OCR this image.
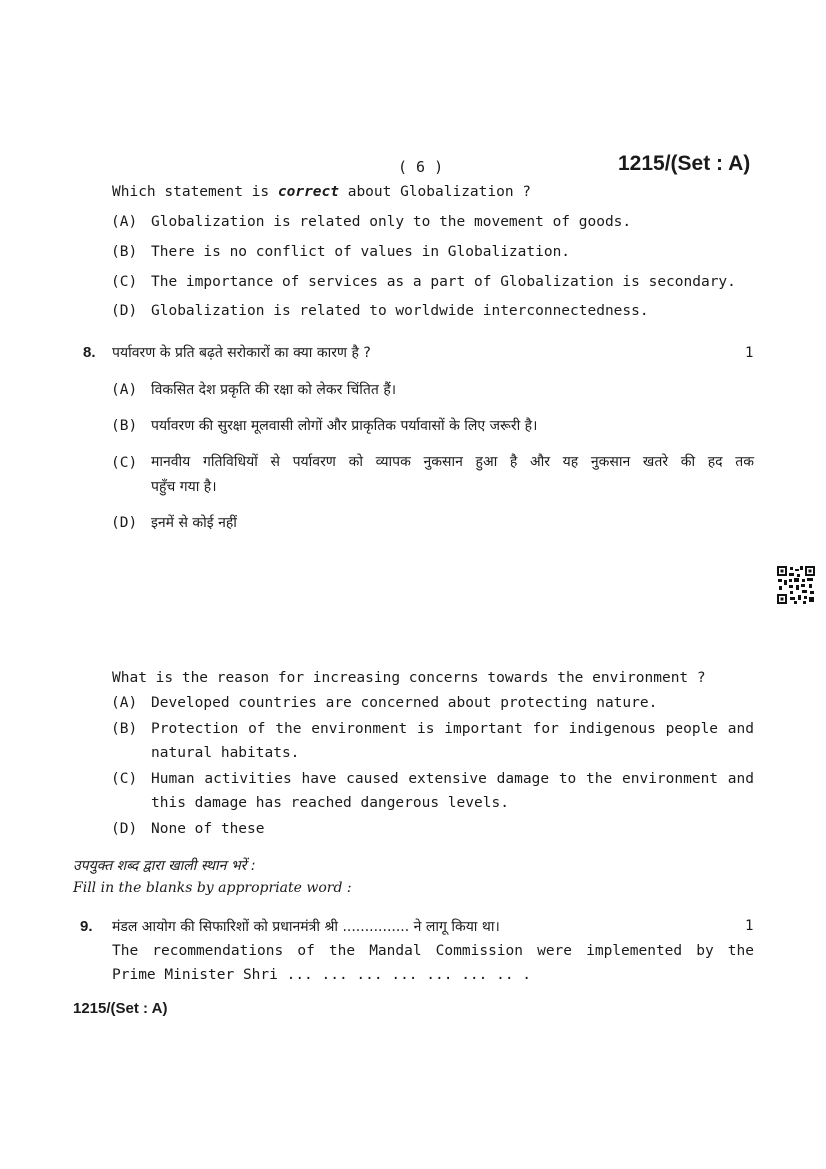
( 6 )	1215/(Set : A)
Which statement is correct about Globalization ?
(A) Globalization is related only to the movement of goods.
(B) There is no conflict of values in Globalization.
(C) The importance of services as a part of Globalization is secondary.
(D) Globalization is related to worldwide interconnectedness.
8. पर्यावरण के प्रति बढ़ते सरोकारों का क्या कारण है ?	1
(A) विकसित देश प्रकृति की रक्षा को लेकर चिंतित हैं।
(B) पर्यावरण की सुरक्षा मूलवासी लोगों और प्राकृतिक पर्यावासों के लिए जरूरी है।
(C) मानवीय गतिविधियों से पर्यावरण को व्यापक नुकसान हुआ है और यह नुकसान खतरे की हद तक
पहुँच गया है।
(D) इनमें से कोई नहीं
What is the reason for increasing concerns towards the environment ?
(A) Developed countries are concerned about protecting nature.
(B) Protection of the environment is important for indigenous people and
natural habitats.
(C) Human activities have caused extensive damage to the environment and
this damage has reached dangerous levels.
(D) None of these
उपयुक्त शब्द द्वारा खाली स्थान भरें :
Fill in the blanks by appropriate word :
9. मंडल आयोग की सिफारिशों को प्रधानमंत्री श्री ............... ने लागू किया था।	1
The recommendations of the Mandal Commission were implemented by the
Prime Minister Shri ... ... ... ... ... ... .. .
1215/(Set : A)
